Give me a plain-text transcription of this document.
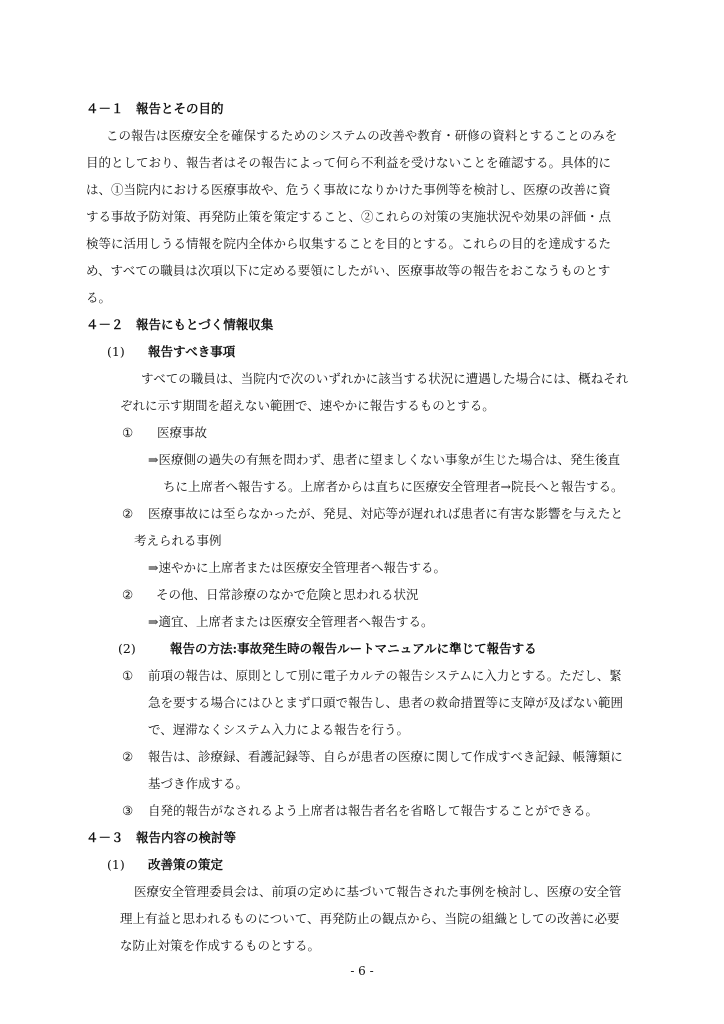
４－１　報告とその目的
この報告は医療安全を確保するためのシステムの改善や教育・研修の資料とすることのみを
目的としており、報告者はその報告によって何ら不利益を受けないことを確認する。具体的に
は、①当院内における医療事故や、危うく事故になりかけた事例等を検討し、医療の改善に資
する事故予防対策、再発防止策を策定すること、②これらの対策の実施状況や効果の評価・点
検等に活用しうる情報を院内全体から収集することを目的とする。これらの目的を達成するた
め、すべての職員は次項以下に定める要領にしたがい、医療事故等の報告をおこなうものとす
る。
４－２　報告にもとづく情報収集
(1)	報告すべき事項
すべての職員は、当院内で次のいずれかに該当する状況に遭遇した場合には、概ねそれ
ぞれに示す期間を超えない範囲で、速やかに報告するものとする。
①	医療事故
⇒医療側の過失の有無を問わず、患者に望ましくない事象が生じた場合は、発生後直
ちに上席者へ報告する。上席者からは直ちに医療安全管理者→院長へと報告する。
②	医療事故には至らなかったが、発見、対応等が遅れれば患者に有害な影響を与えたと
考えられる事例
⇒速やかに上席者または医療安全管理者へ報告する。
②	その他、日常診療のなかで危険と思われる状況
⇒適宜、上席者または医療安全管理者へ報告する。
(2)	報告の方法:事故発生時の報告ルートマニュアルに準じて報告する
①	前項の報告は、原則として別に電子カルテの報告システムに入力とする。ただし、緊
急を要する場合にはひとまず口頭で報告し、患者の救命措置等に支障が及ばない範囲
で、遅滞なくシステム入力による報告を行う。
②	報告は、診療録、看護記録等、自らが患者の医療に関して作成すべき記録、帳簿類に
基づき作成する。
③	自発的報告がなされるよう上席者は報告者名を省略して報告することができる。
４－３　報告内容の検討等
(1)	改善策の策定
医療安全管理委員会は、前項の定めに基づいて報告された事例を検討し、医療の安全管
理上有益と思われるものについて、再発防止の観点から、当院の組織としての改善に必要
な防止対策を作成するものとする。
- 6 -
